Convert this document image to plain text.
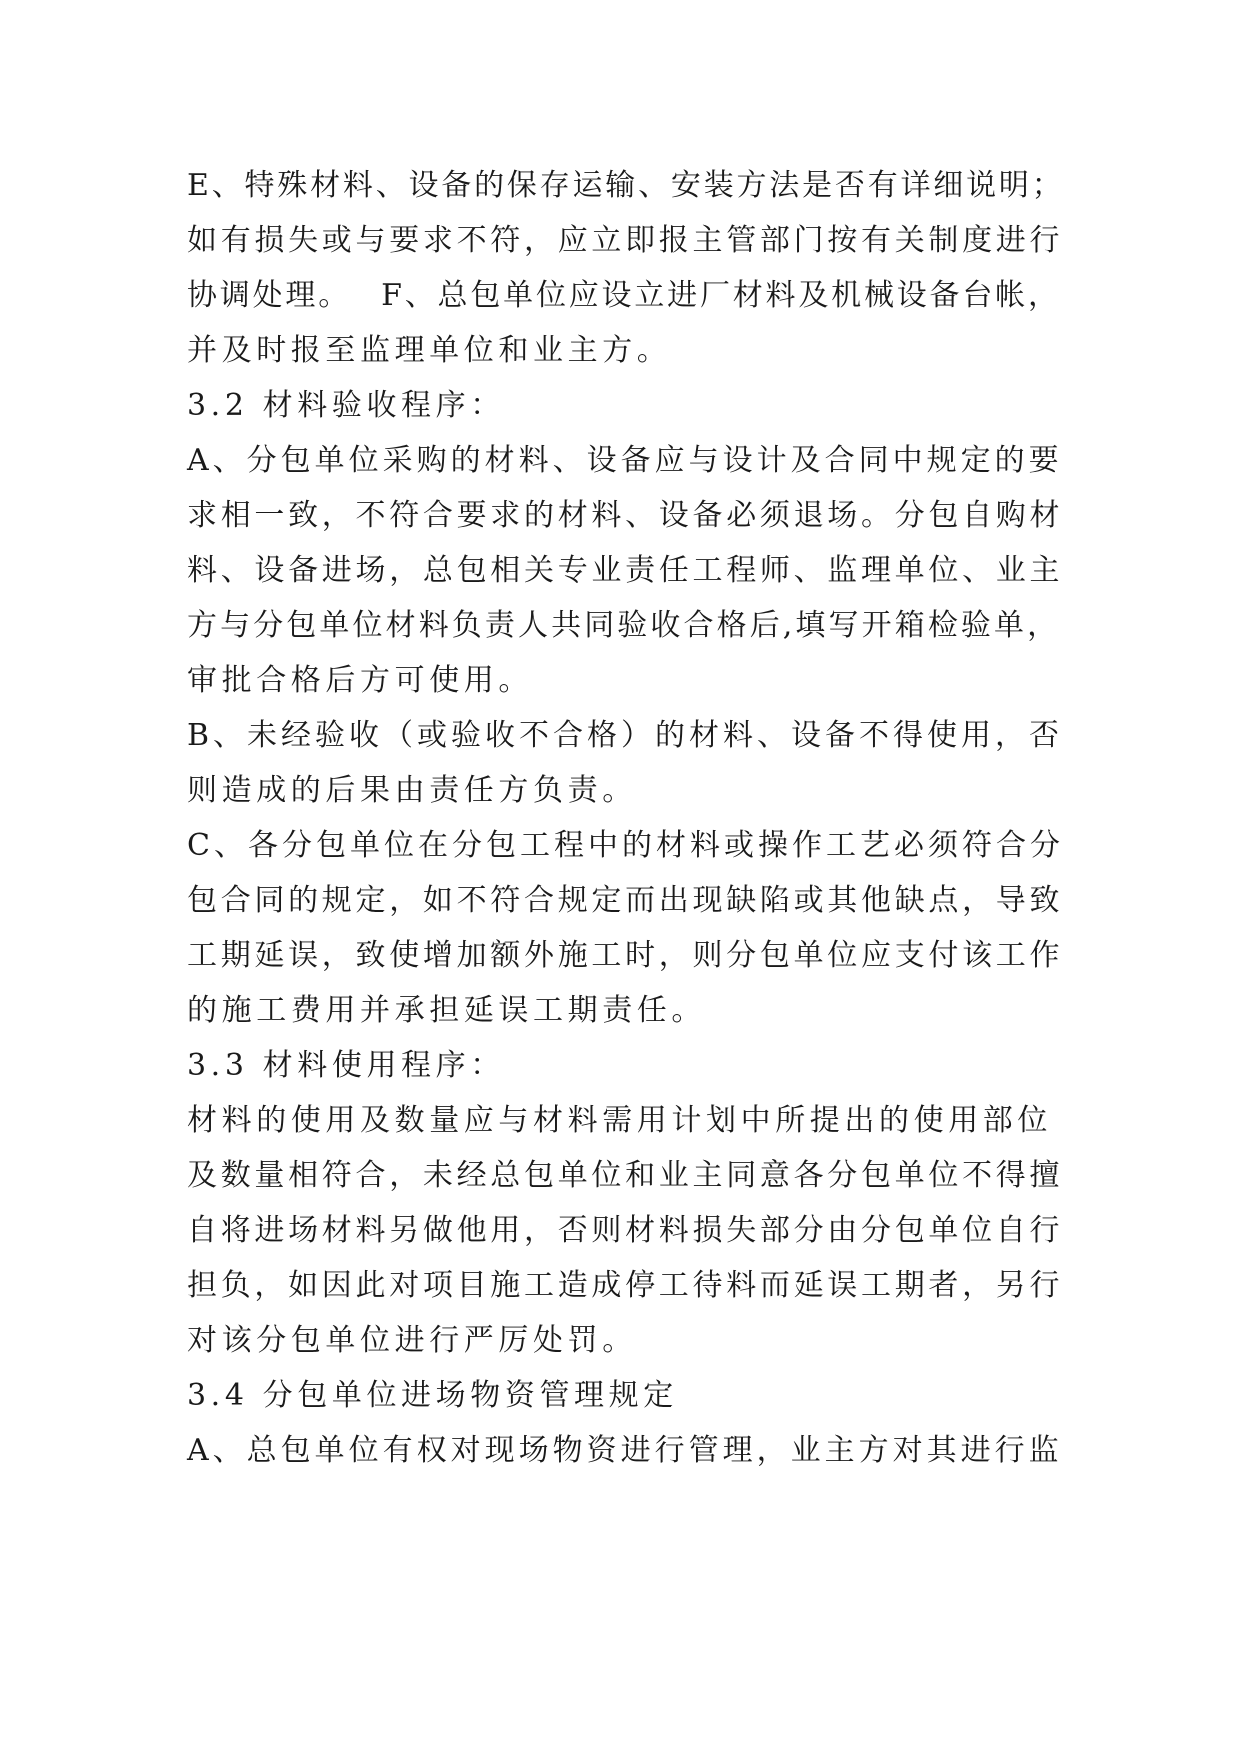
E、特殊材料、设备的保存运输、安装方法是否有详细说明；
如有损失或与要求不符，应立即报主管部门按有关制度进行
协调处理。　 F、总包单位应设立进厂材料及机械设备台帐，
并及时报至监理单位和业主方。
3.2 材料验收程序：
A、分包单位采购的材料、设备应与设计及合同中规定的要
求相一致，不符合要求的材料、设备必须退场。分包自购材
料、设备进场，总包相关专业责任工程师、监理单位、业主
方与分包单位材料负责人共同验收合格后,填写开箱检验单，
审批合格后方可使用。
B、未经验收（或验收不合格）的材料、设备不得使用，否
则造成的后果由责任方负责。
C、各分包单位在分包工程中的材料或操作工艺必须符合分
包合同的规定，如不符合规定而出现缺陷或其他缺点，导致
工期延误，致使增加额外施工时，则分包单位应支付该工作
的施工费用并承担延误工期责任。
3.3 材料使用程序：
材料的使用及数量应与材料需用计划中所提出的使用部位
及数量相符合，未经总包单位和业主同意各分包单位不得擅
自将进场材料另做他用，否则材料损失部分由分包单位自行
担负，如因此对项目施工造成停工待料而延误工期者，另行
对该分包单位进行严厉处罚。
3.4 分包单位进场物资管理规定
A、总包单位有权对现场物资进行管理，业主方对其进行监
